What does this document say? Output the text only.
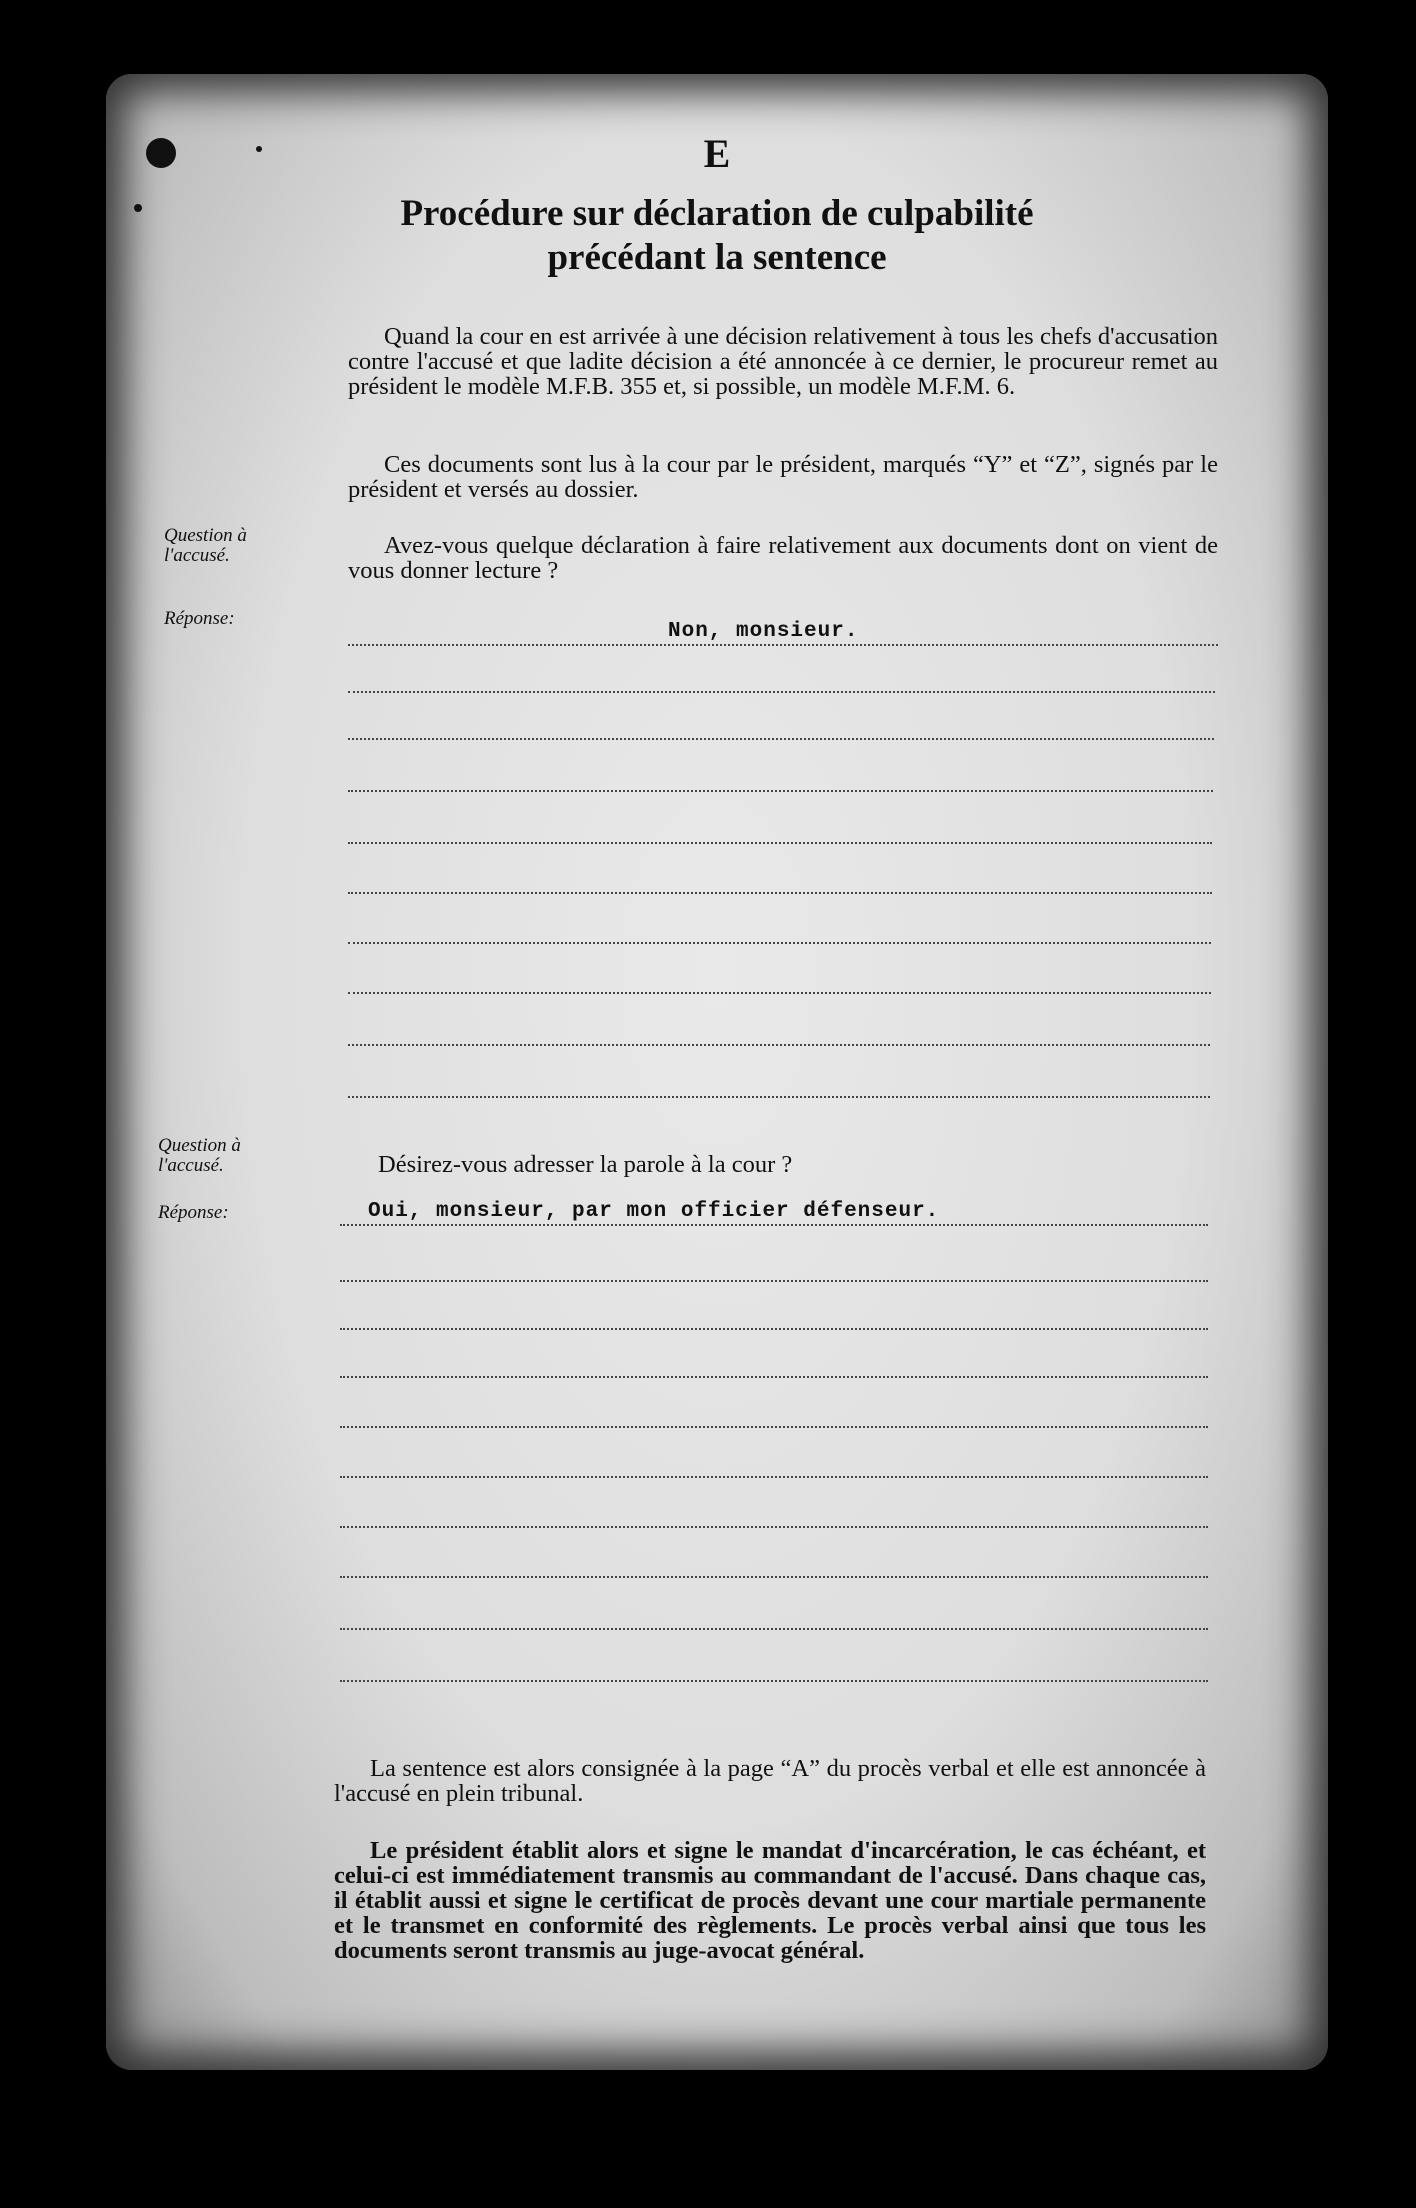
E

Procédure sur déclaration de culpabilité
précédant la sentence

Quand la cour en est arrivée à une décision relativement à tous les chefs d'accusation contre l'accusé et que ladite décision a été annoncée à ce dernier, le procureur remet au président le modèle M.F.B. 355 et, si possible, un modèle M.F.M. 6.

Ces documents sont lus à la cour par le président, marqués “Y” et “Z”, signés par le président et versés au dossier.

Question à l'accusé.	Avez-vous quelque déclaration à faire relativement aux documents dont on vient de vous donner lecture ?

Réponse:

Non, monsieur.

Question à l'accusé.	Désirez-vous adresser la parole à la cour ?

Réponse:	Oui, monsieur, par mon officier défenseur.

La sentence est alors consignée à la page “A” du procès verbal et elle est annoncée à l'accusé en plein tribunal.

Le président établit alors et signe le mandat d'incarcération, le cas échéant, et celui-ci est immédiatement transmis au commandant de l'accusé. Dans chaque cas, il établit aussi et signe le certificat de procès devant une cour martiale permanente et le transmet en conformité des règlements. Le procès verbal ainsi que tous les documents seront transmis au juge-avocat général.
